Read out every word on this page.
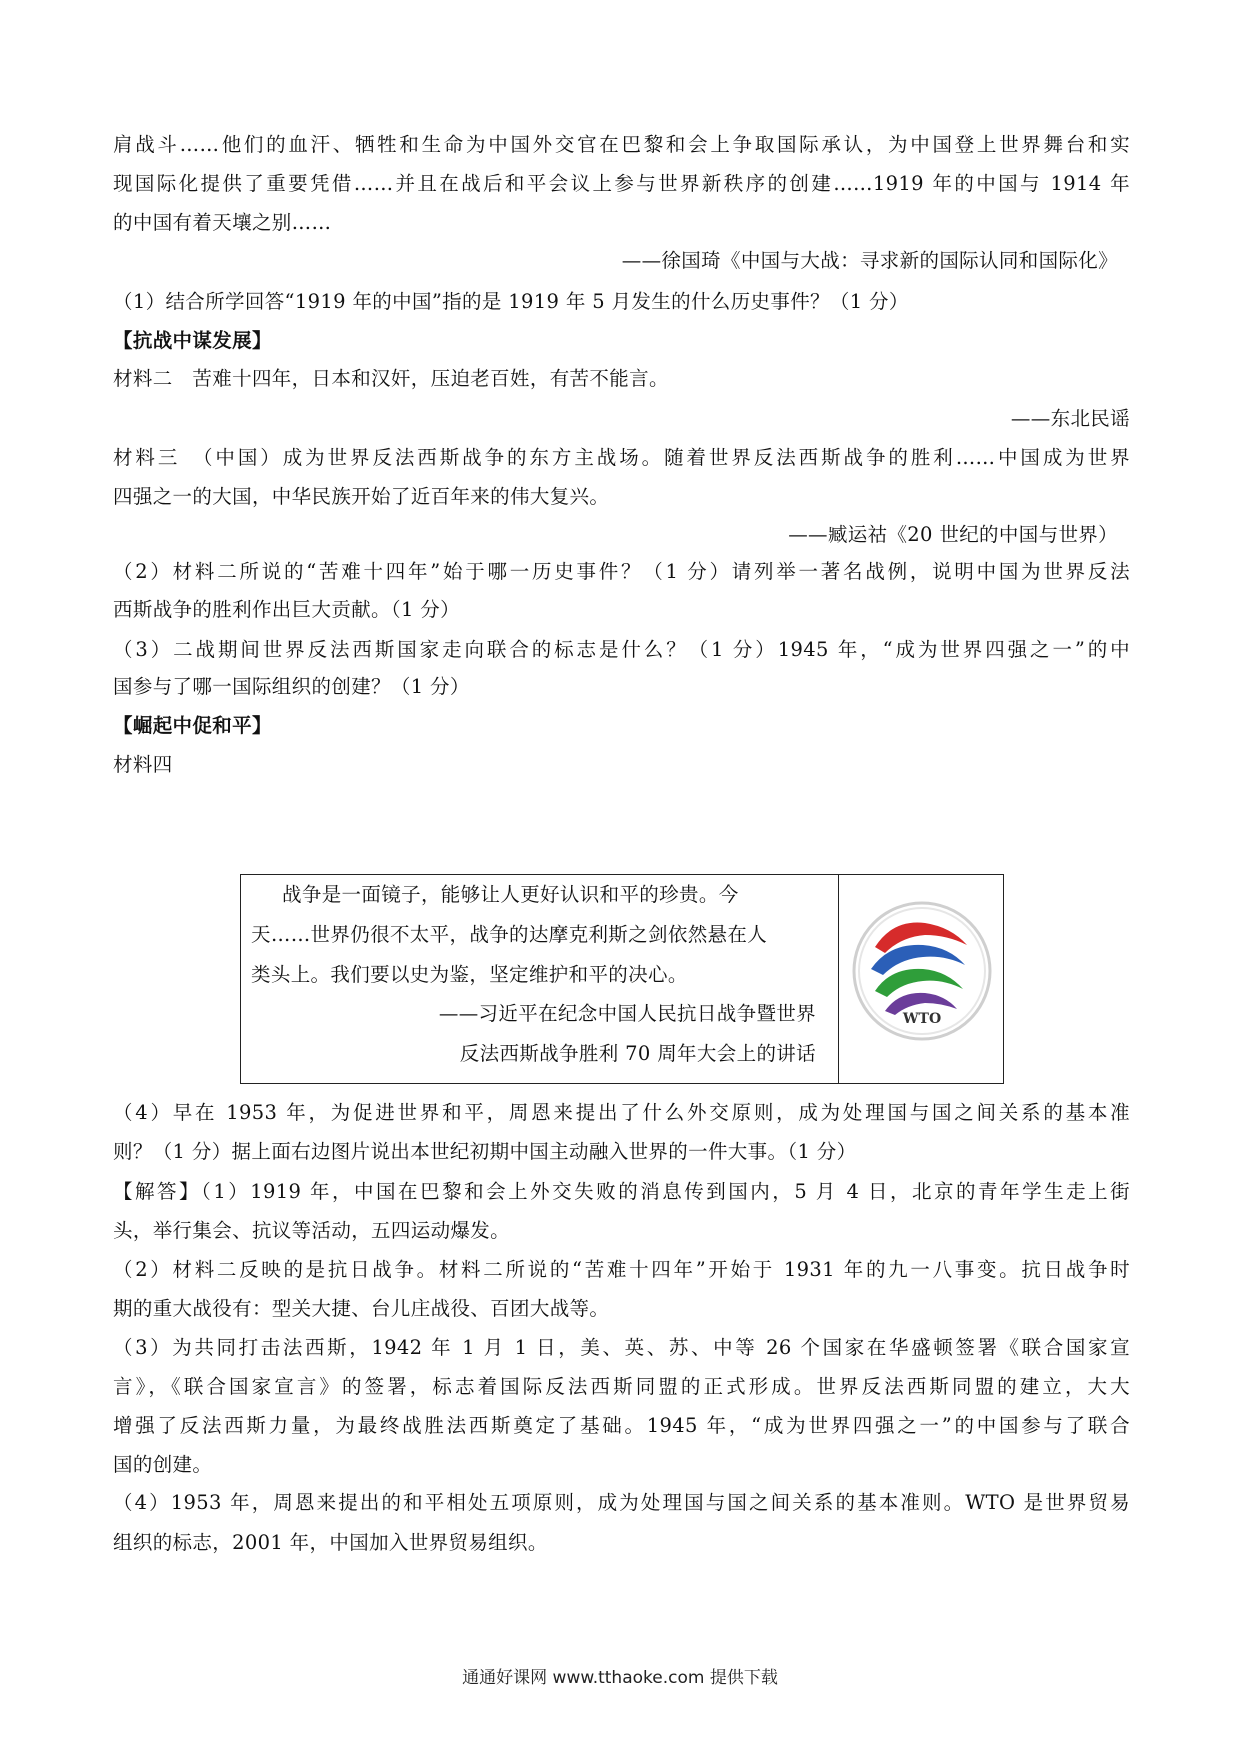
肩战斗……他们的血汗、牺牲和生命为中国外交官在巴黎和会上争取国际承认，为中国登上世界舞台和实
现国际化提供了重要凭借……并且在战后和平会议上参与世界新秩序的创建……1919 年的中国与 1914 年
的中国有着天壤之别……
——徐国琦《中国与大战：寻求新的国际认同和国际化》
（1）结合所学回答“1919 年的中国”指的是 1919 年 5 月发生的什么历史事件？（1 分）
【抗战中谋发展】
材料二　苦难十四年，日本和汉奸，压迫老百姓，有苦不能言。
——东北民谣
材料三　（中国）成为世界反法西斯战争的东方主战场。随着世界反法西斯战争的胜利……中国成为世界
四强之一的大国，中华民族开始了近百年来的伟大复兴。
——臧运祜《20 世纪的中国与世界）
（2）材料二所说的“苦难十四年”始于哪一历史事件？（1 分）请列举一著名战例，说明中国为世界反法
西斯战争的胜利作出巨大贡献。（1 分）
（3）二战期间世界反法西斯国家走向联合的标志是什么？（1 分）1945 年，“成为世界四强之一”的中
国参与了哪一国际组织的创建？（1 分）
【崛起中促和平】
材料四
战争是一面镜子，能够让人更好认识和平的珍贵。今
天……世界仍很不太平，战争的达摩克利斯之剑依然悬在人
类头上。我们要以史为鉴，坚定维护和平的决心。
——习近平在纪念中国人民抗日战争暨世界
反法西斯战争胜利 70 周年大会上的讲话
WTO
（4）早在 1953 年，为促进世界和平，周恩来提出了什么外交原则，成为处理国与国之间关系的基本准
则？（1 分）据上面右边图片说出本世纪初期中国主动融入世界的一件大事。（1 分）
【解答】（1）1919 年，中国在巴黎和会上外交失败的消息传到国内，5 月 4 日，北京的青年学生走上街
头，举行集会、抗议等活动，五四运动爆发。
（2）材料二反映的是抗日战争。材料二所说的“苦难十四年”开始于 1931 年的九一八事变。抗日战争时
期的重大战役有：型关大捷、台儿庄战役、百团大战等。
（3）为共同打击法西斯，1942 年 1 月 1 日，美、英、苏、中等 26 个国家在华盛顿签署《联合国家宣
言》，《联合国家宣言》的签署，标志着国际反法西斯同盟的正式形成。世界反法西斯同盟的建立，大大
增强了反法西斯力量，为最终战胜法西斯奠定了基础。1945 年，“成为世界四强之一”的中国参与了联合
国的创建。
（4）1953 年，周恩来提出的和平相处五项原则，成为处理国与国之间关系的基本准则。WTO 是世界贸易
组织的标志，2001 年，中国加入世界贸易组织。
通通好课网 www.tthaoke.com 提供下载
